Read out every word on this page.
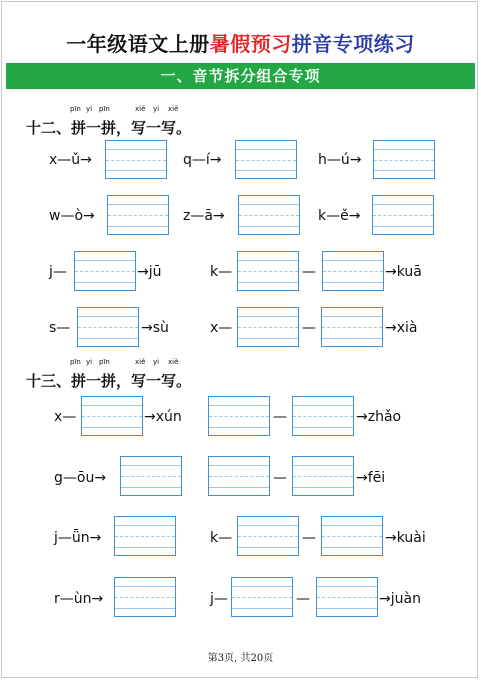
一年级语文上册暑假预习拼音专项练习
一、音节拆分组合专项
pīn yi pīn	xiě yi xiě
十二、拼一拼，写一写。
x—ǔ→	q—í→	h—ú→
w—ò→	z—ā→	k—ě→
j—	→jū	k—	—	→kuā
s—	→sù	x—	—	→xià
pīn yi pīn	xiě yi xiě
十三、拼一拼，写一写。
x—	→xún	—	→zhǎo
g—ōu→	—	→fēi
j—ǖn→	k—	—	→kuài
r—ùn→	j—	—	→juàn
第3页, 共20页
